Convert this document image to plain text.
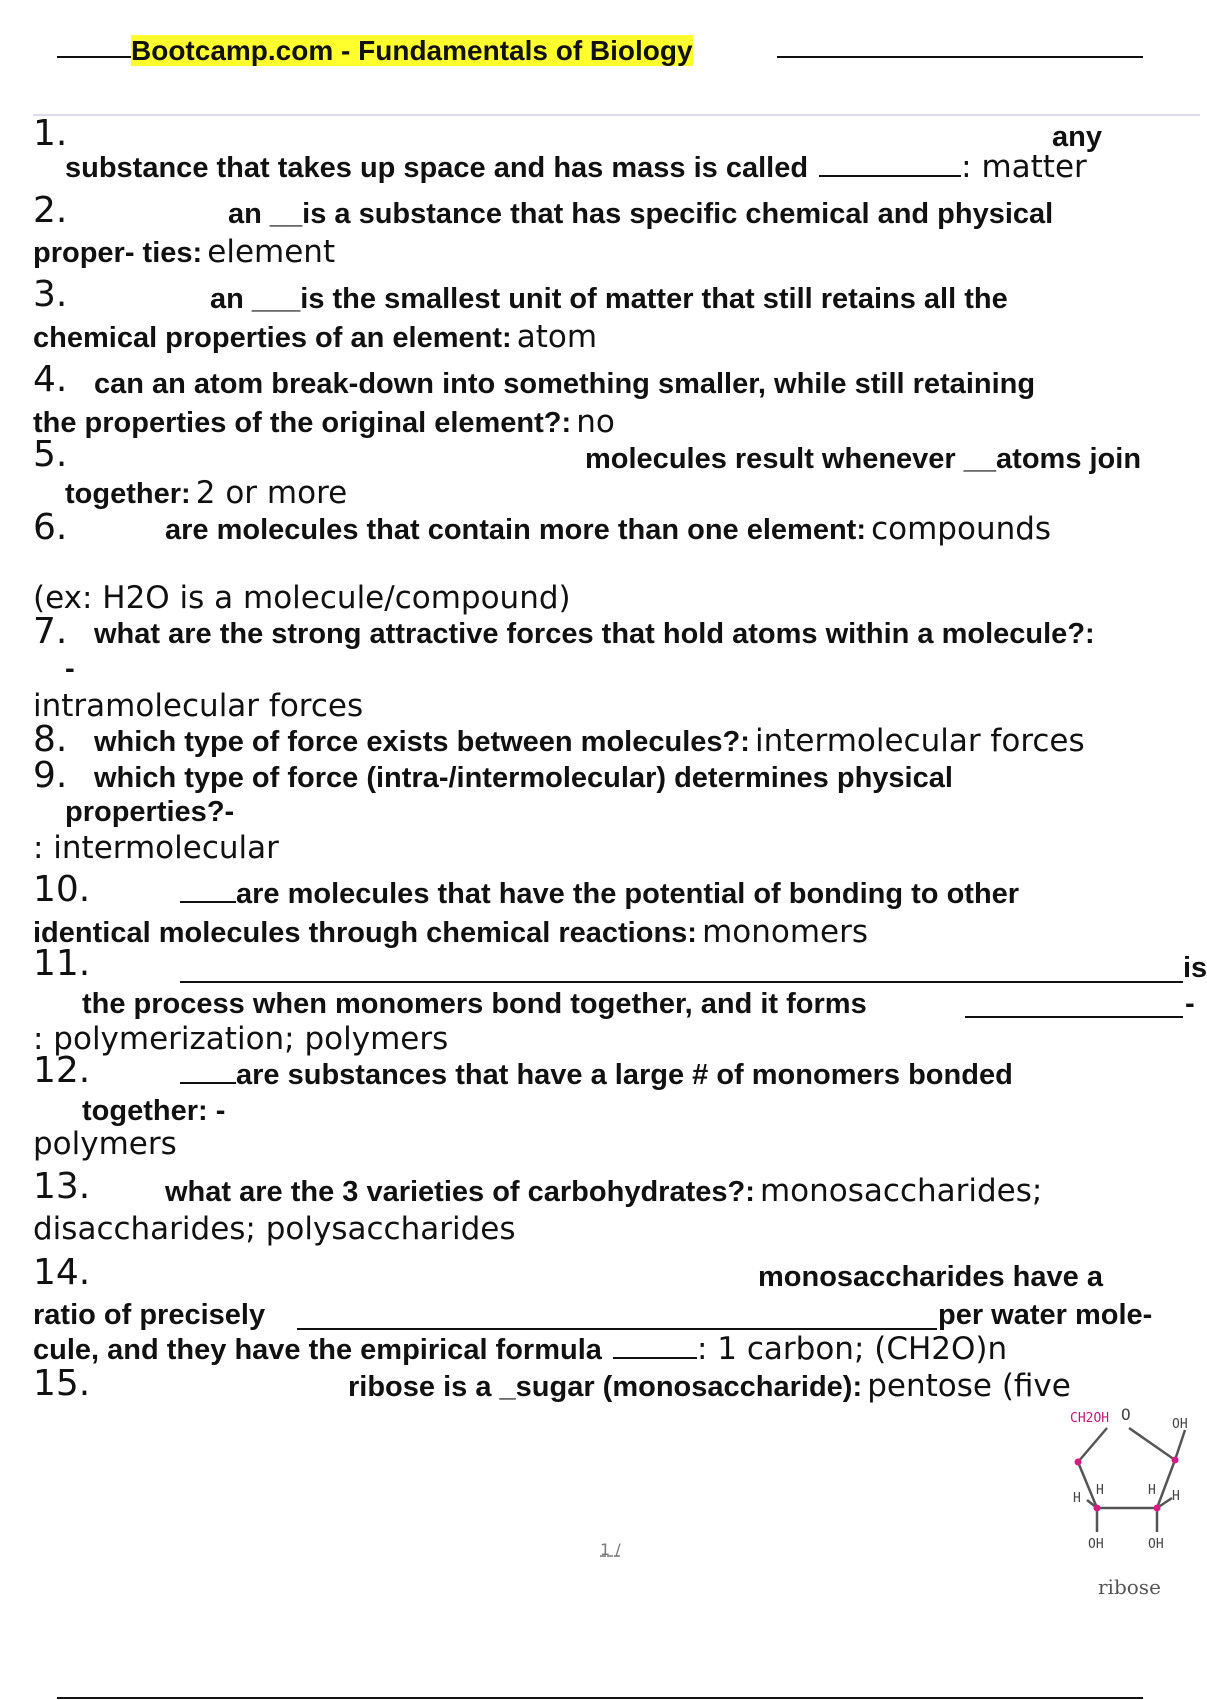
Bootcamp.com - Fundamentals of Biology
1.	any
substance that takes up space and has mass is called	: matter
2.	an __is a substance that has specific chemical and physical
proper- ties: element
3.	an ___is the smallest unit of matter that still retains all the
chemical properties of an element: atom
4. can an atom break-down into something smaller, while still retaining
the properties of the original element?: no
5.	molecules result whenever __atoms join
together: 2 or more
6.	are molecules that contain more than one element: compounds
(ex: H2O is a molecule/compound)
7. what are the strong attractive forces that hold atoms within a molecule?:
-
intramolecular forces
8. which type of force exists between molecules?: intermolecular forces
9. which type of force (intra-/intermolecular) determines physical
properties?-
: intermolecular
10.	are molecules that have the potential of bonding to other
identical molecules through chemical reactions: monomers
11.	is
the process when monomers bond together, and it forms	-
: polymerization; polymers
12.	are substances that have a large # of monomers bonded
together: -
polymers
13.	what are the 3 varieties of carbohydrates?: monosaccharides;
disaccharides; polysaccharides
14.	monosaccharides have a
ratio of precisely	per water mole-
cule, and they have the empirical formula	: 1 carbon; (CH2O)n
15.	ribose is a _sugar (monosaccharide): pentose (five
CH2OH O
OH
H
H	H H
OH	OH
ribose
1 /
